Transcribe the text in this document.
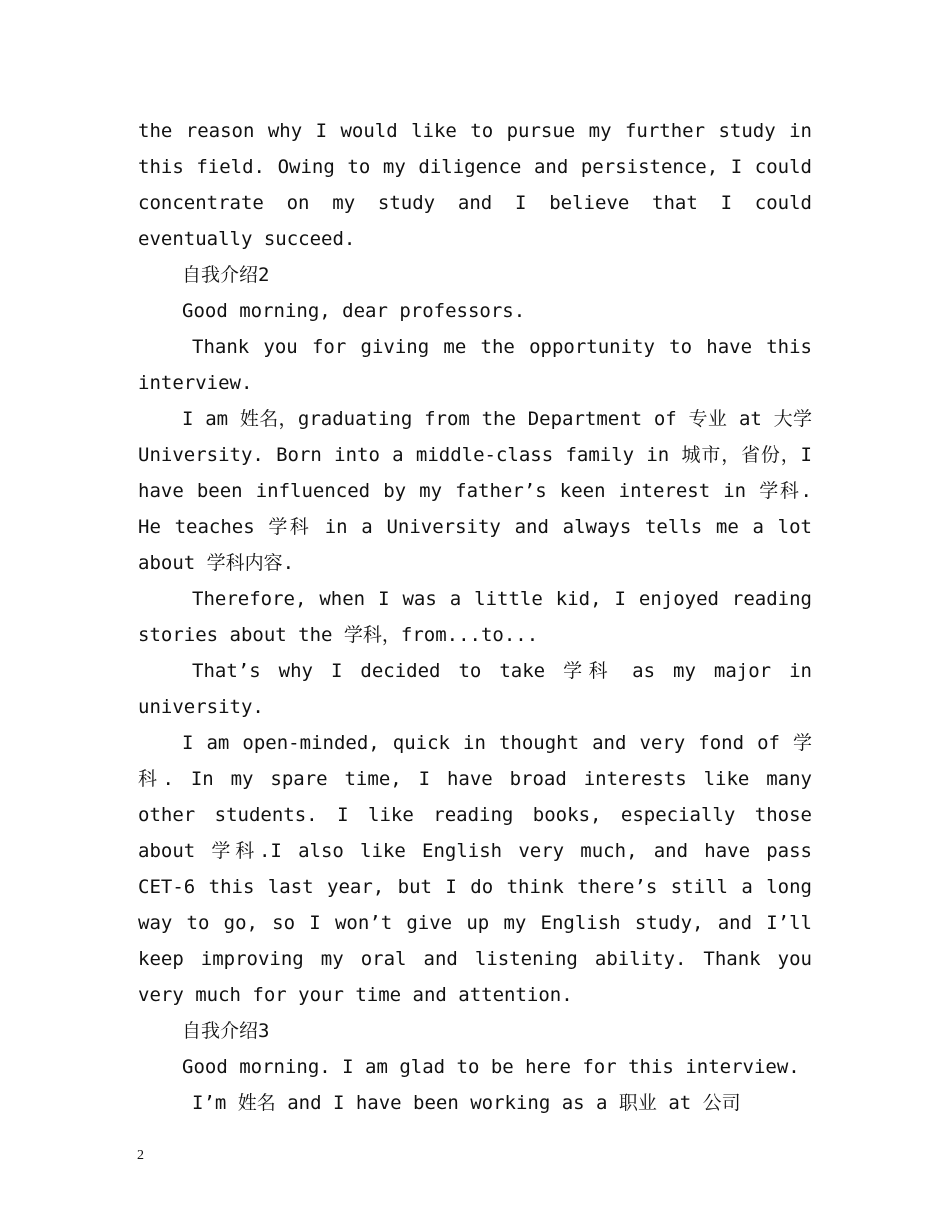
the reason why I would like to pursue my further study in this field. Owing to my diligence and persistence, I could concentrate on my study and I believe that I could eventually succeed.

自我介绍2

Good morning, dear professors.

Thank you for giving me the opportunity to have this interview.

I am 姓名，graduating from the Department of 专业 at 大学 University. Born into a middle-class family in 城市，省份，I have been influenced by my father’s keen interest in 学科. He teaches 学科 in a University and always tells me a lot about 学科内容.

Therefore, when I was a little kid, I enjoyed reading stories about the 学科，from...to...

That’s why I decided to take 学科 as my major in university.

I am open-minded, quick in thought and very fond of 学科. In my spare time, I have broad interests like many other students. I like reading books, especially those about 学科.I also like English very much, and have pass CET-6 this last year, but I do think there’s still a long way to go, so I won’t give up my English study, and I’ll keep improving my oral and listening ability. Thank you very much for your time and attention.

自我介绍3

Good morning. I am glad to be here for this interview.

I’m 姓名 and I have been working as a 职业 at 公司

2
